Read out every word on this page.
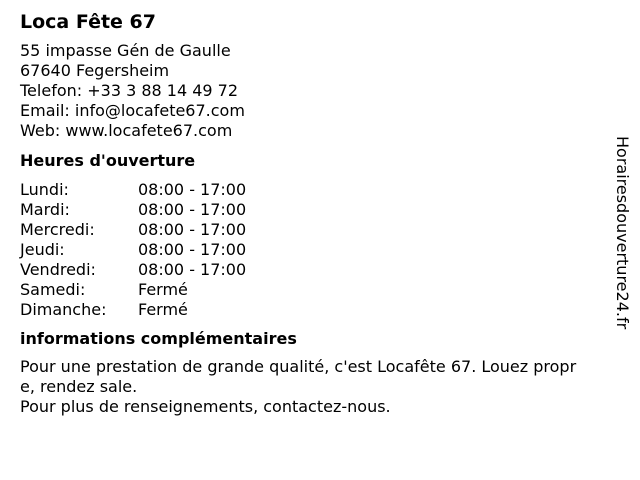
Loca Fête 67
55 impasse Gén de Gaulle
67640 Fegersheim
Telefon: +33 3 88 14 49 72
Email: info@locafete67.com
Web: www.locafete67.com
Heures d'ouverture
Lundi:	08:00 - 17:00
Mardi:	08:00 - 17:00
Mercredi:	08:00 - 17:00
Jeudi:	08:00 - 17:00
Vendredi:	08:00 - 17:00
Samedi:	Fermé
Dimanche:	Fermé
informations complémentaires
Pour une prestation de grande qualité, c'est Locafête 67. Louez propre, rendez sale.
Pour plus de renseignements, contactez-nous.
Horairesdouverture24.fr
